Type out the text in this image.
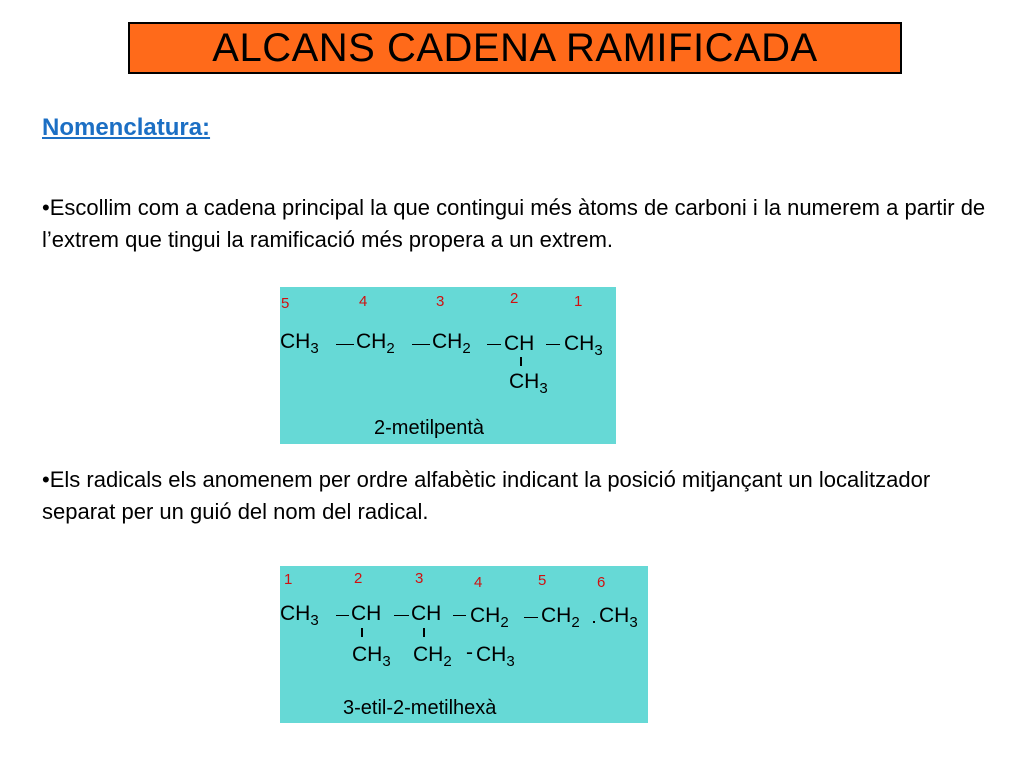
ALCANS CADENA RAMIFICADA
Nomenclatura:
•Escollim com a cadena principal la que contingui més àtoms de carboni i la numerem a partir de l’extrem que tingui la ramificació més propera a un extrem.
5	4	3	2	1
$CH_3$ $CH_2$ $CH_2$ CH $CH_3$
$CH_3$
2-metilpentà
•Els radicals els anomenem per ordre alfabètic indicant la posició mitjançant un localitzador separat per un guió del nom del radical.
1	2	3	4	5	6
$CH_3$ CH CH $CH_2$ $CH_2$ $CH_3$
$CH_3$ $CH_2 - CH_3$
3-etil-2-metilhexà
